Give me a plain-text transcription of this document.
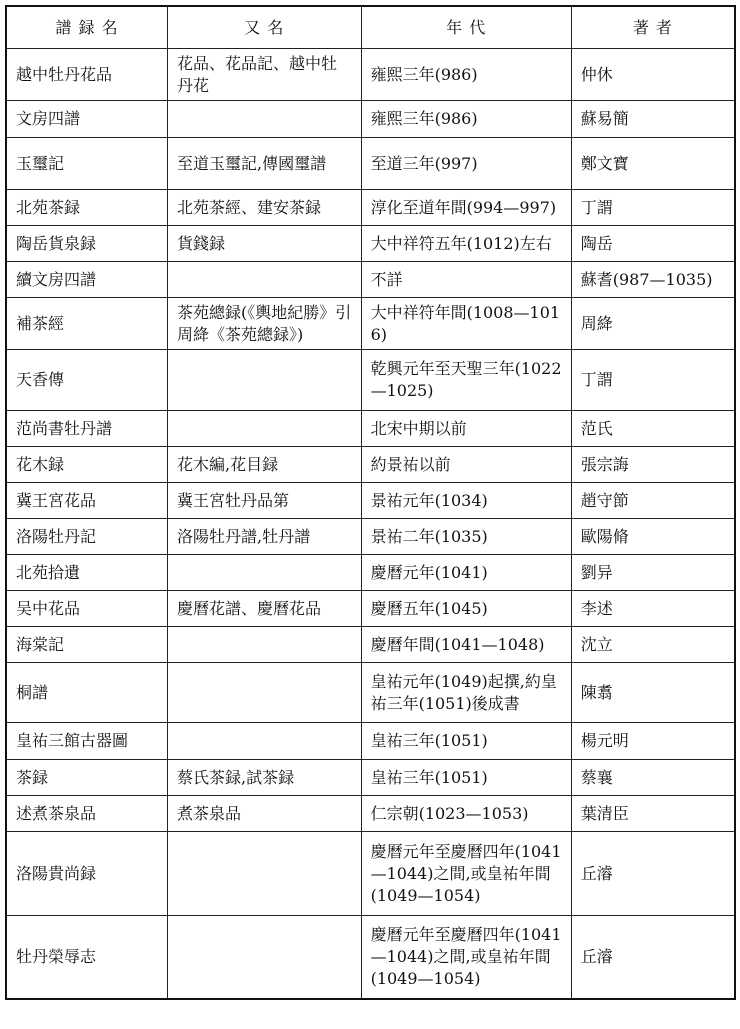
譜 録 名	又 名	年 代	著 者
越中牡丹花品	花品、花品記、越中牡丹花	雍熙三年(986)	仲休
文房四譜		雍熙三年(986)	蘇易簡
玉璽記	至道玉璽記,傳國璽譜	至道三年(997)	鄭文寶
北苑茶録	北苑茶經、建安茶録	淳化至道年間(994—997)	丁謂
陶岳貨泉録	貨錢録	大中祥符五年(1012)左右	陶岳
續文房四譜		不詳	蘇耆(987—1035)
補茶經	茶苑總録(《輿地紀勝》引周絳《茶苑總録》)	大中祥符年間(1008—1016)	周絳
天香傳		乾興元年至天聖三年(1022—1025)	丁謂
范尚書牡丹譜		北宋中期以前	范氏
花木録	花木編,花目録	約景祐以前	張宗誨
冀王宮花品	冀王宮牡丹品第	景祐元年(1034)	趙守節
洛陽牡丹記	洛陽牡丹譜,牡丹譜	景祐二年(1035)	歐陽脩
北苑拾遺		慶曆元年(1041)	劉异
吴中花品	慶曆花譜、慶曆花品	慶曆五年(1045)	李述
海棠記		慶曆年間(1041—1048)	沈立
桐譜		皇祐元年(1049)起撰,約皇祐三年(1051)後成書	陳翥
皇祐三館古器圖		皇祐三年(1051)	楊元明
茶録	蔡氏茶録,試茶録	皇祐三年(1051)	蔡襄
述煮茶泉品	煮茶泉品	仁宗朝(1023—1053)	葉清臣
洛陽貴尚録		慶曆元年至慶曆四年(1041—1044)之間,或皇祐年間(1049—1054)	丘濬
牡丹榮辱志		慶曆元年至慶曆四年(1041—1044)之間,或皇祐年間(1049—1054)	丘濬
